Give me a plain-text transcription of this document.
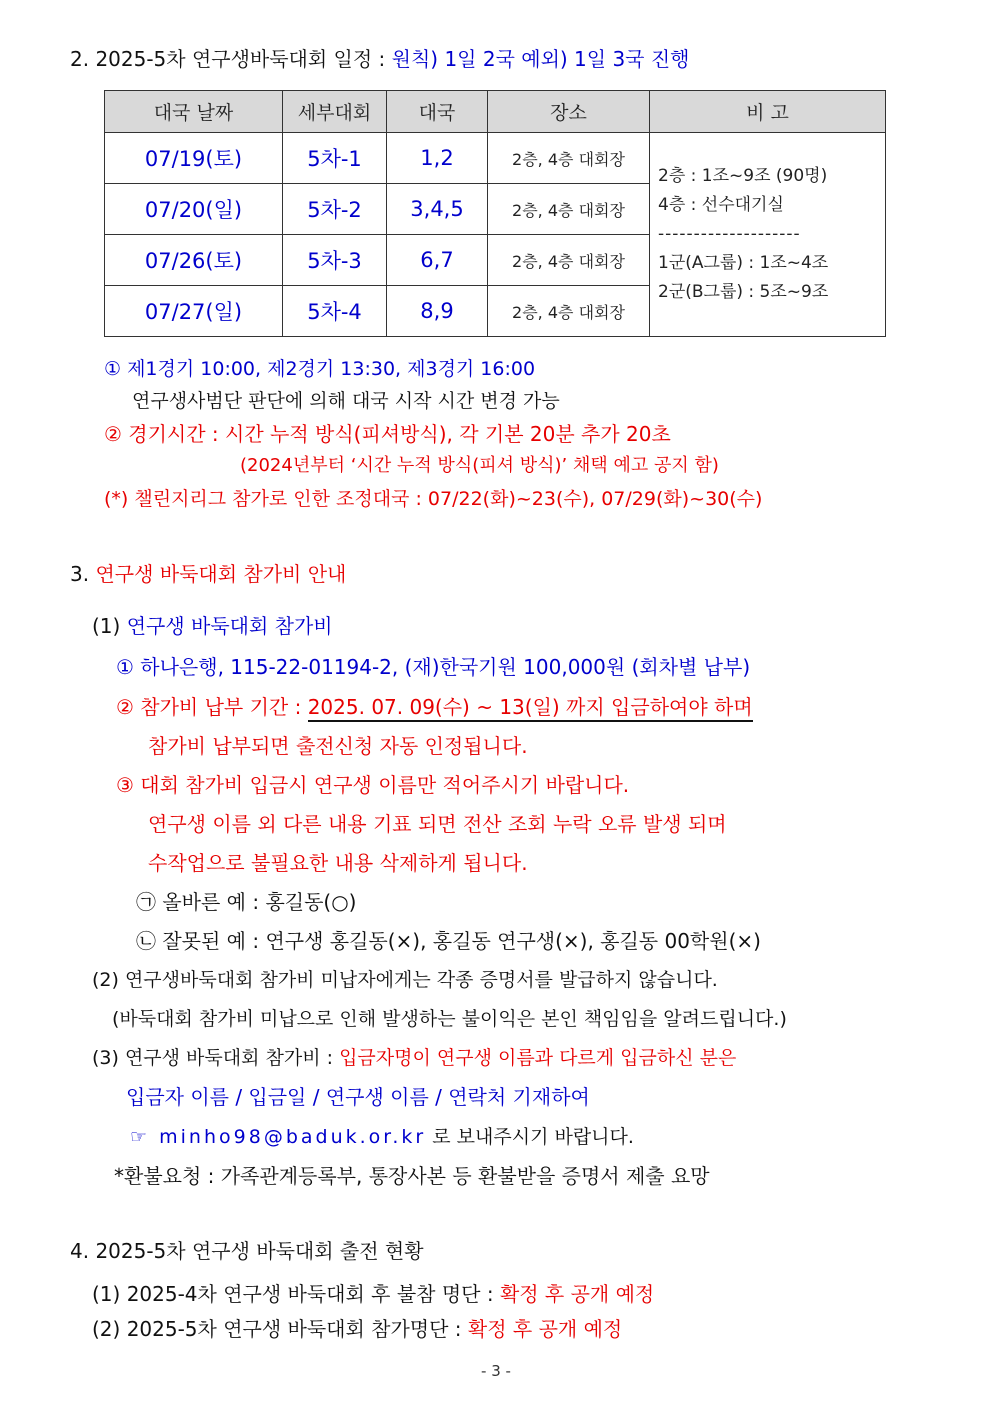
2. 2025-5차 연구생바둑대회 일정 : 원칙) 1일 2국 예외) 1일 3국 진행
대국 날짜	세부대회	대국	장소	비 고
07/19(토)	5차-1	1,2	2층, 4층 대회장	2층 : 1조~9조 (90명)
4층 : 선수대기실
--------------------
1군(A그룹) : 1조~4조
2군(B그룹) : 5조~9조

07/20(일)	5차-2	3,4,5	2층, 4층 대회장	
07/26(토)	5차-3	6,7	2층, 4층 대회장	
07/27(일)	5차-4	8,9	2층, 4층 대회장	
① 제1경기 10:00, 제2경기 13:30, 제3경기 16:00
연구생사범단 판단에 의해 대국 시작 시간 변경 가능
② 경기시간 : 시간 누적 방식(피셔방식), 각 기본 20분 추가 20초
(2024년부터 ‘시간 누적 방식(피셔 방식)’ 채택 예고 공지 함)
(*) 챌린지리그 참가로 인한 조정대국 : 07/22(화)~23(수), 07/29(화)~30(수)
3. 연구생 바둑대회 참가비 안내
(1) 연구생 바둑대회 참가비
① 하나은행, 115-22-01194-2, (재)한국기원 100,000원 (회차별 납부)
② 참가비 납부 기간 : 2025. 07. 09(수) ~ 13(일) 까지 입금하여야 하며
참가비 납부되면 출전신청 자동 인정됩니다.
③ 대회 참가비 입금시 연구생 이름만 적어주시기 바랍니다.
연구생 이름 외 다른 내용 기표 되면 전산 조회 누락 오류 발생 되며
수작업으로 불필요한 내용 삭제하게 됩니다.
㉠ 올바른 예 : 홍길동(○)
㉡ 잘못된 예 : 연구생 홍길동(×), 홍길동 연구생(×), 홍길동 00학원(×)
(2) 연구생바둑대회 참가비 미납자에게는 각종 증명서를 발급하지 않습니다.
(바둑대회 참가비 미납으로 인해 발생하는 불이익은 본인 책임임을 알려드립니다.)
(3) 연구생 바둑대회 참가비 : 입금자명이 연구생 이름과 다르게 입금하신 분은
입금자 이름 / 입금일 / 연구생 이름 / 연락처 기재하여
☞ minho98@baduk.or.kr 로 보내주시기 바랍니다.
*환불요청 : 가족관계등록부, 통장사본 등 환불받을 증명서 제출 요망
4. 2025-5차 연구생 바둑대회 출전 현황
(1) 2025-4차 연구생 바둑대회 후 불참 명단 : 확정 후 공개 예정
(2) 2025-5차 연구생 바둑대회 참가명단 : 확정 후 공개 예정
- 3 -
